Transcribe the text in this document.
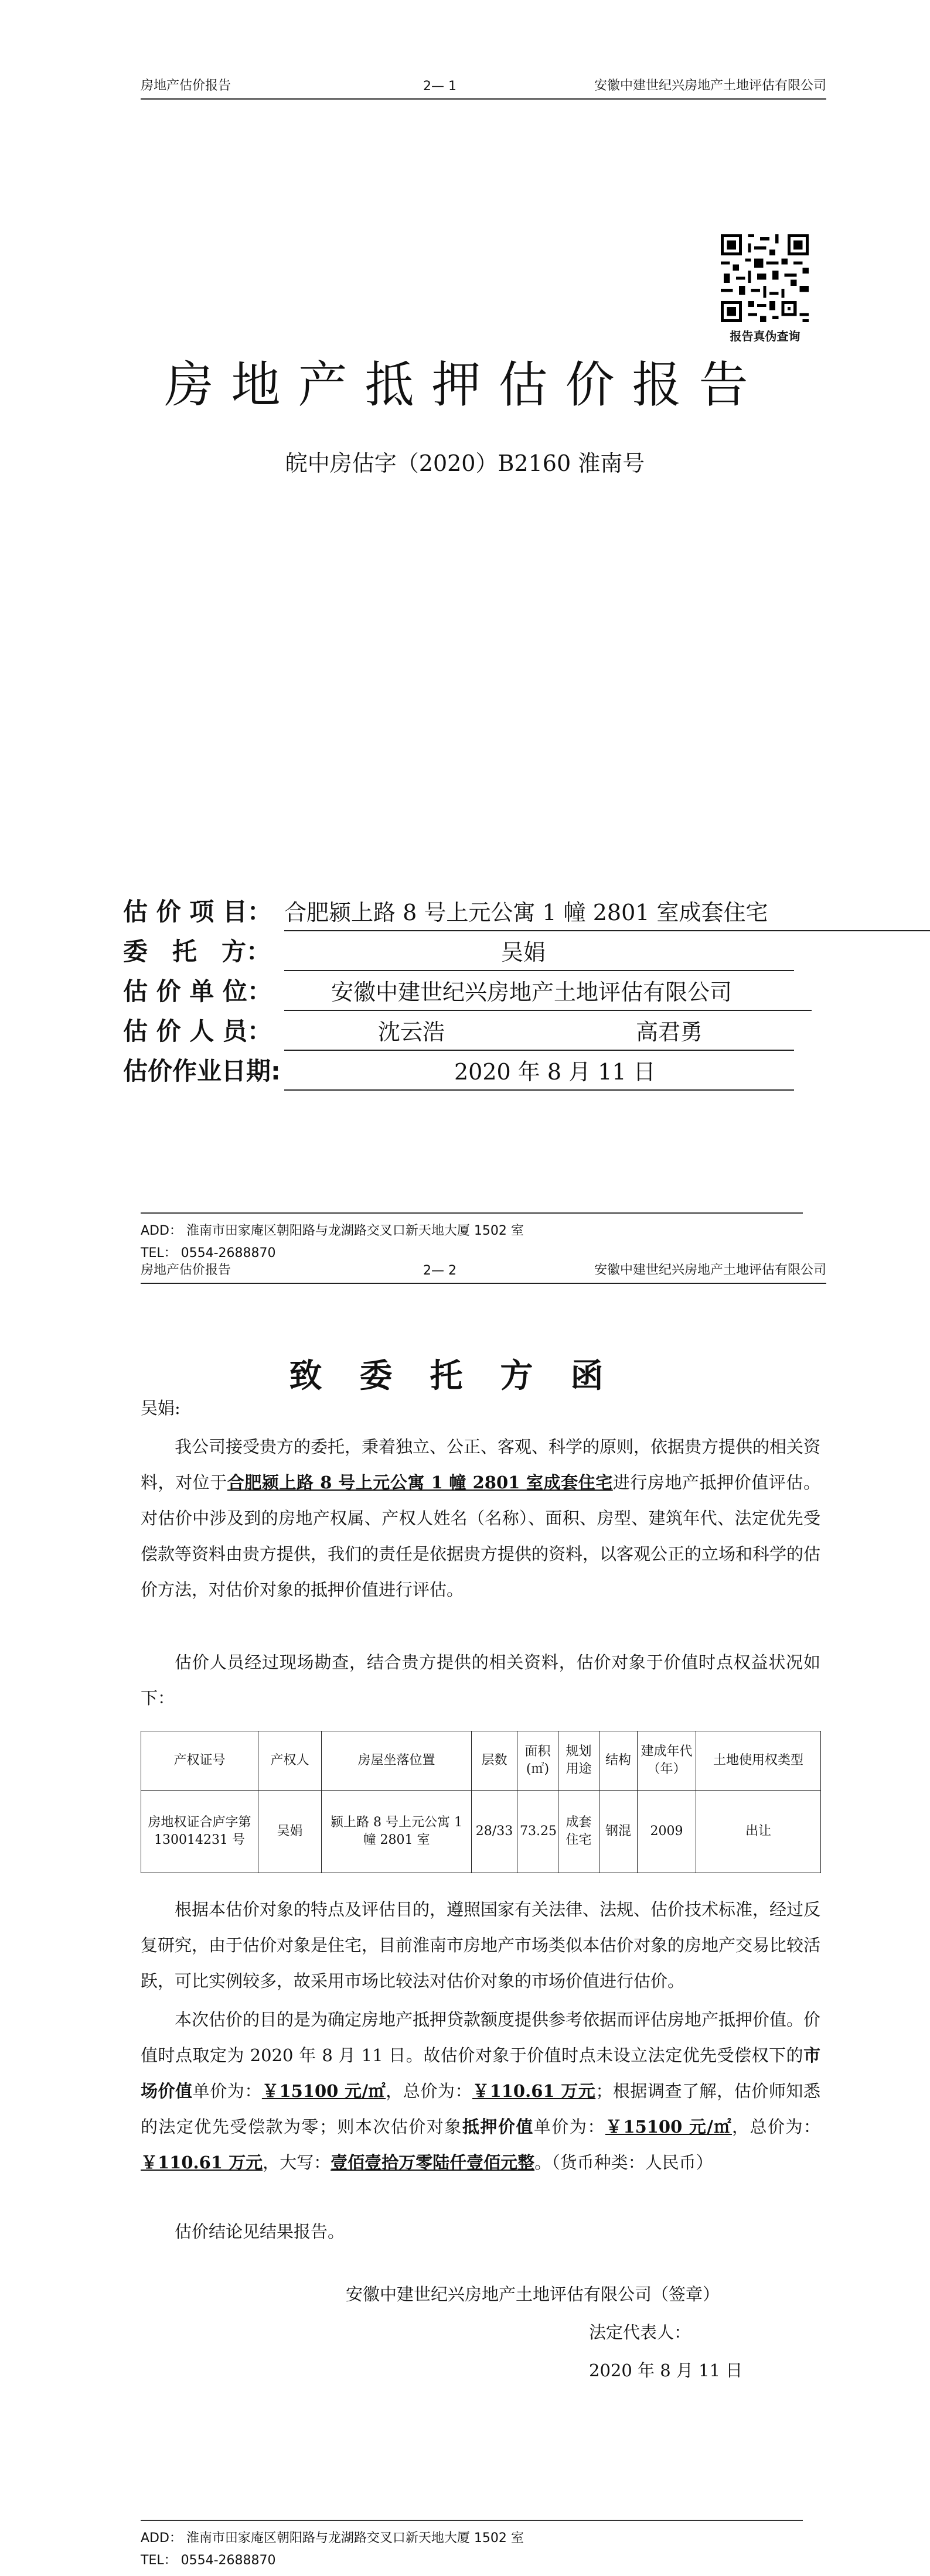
房地产估价报告	2— 1	安徽中建世纪兴房地产土地评估有限公司
报告真伪查询
房地产抵押估价报告
皖中房估字（2020）B2160 淮南号
估 价 项 目： 合肥颍上路 8 号上元公寓 1 幢 2801 室成套住宅
委　托　方：	吴娟
估 价 单 位：	安徽中建世纪兴房地产土地评估有限公司
估 价 人 员：	沈云浩	高君勇
估价作业日期:	2020 年 8 月 11 日
ADD： 淮南市田家庵区朝阳路与龙湖路交叉口新天地大厦 1502 室
TEL： 0554-2688870
房地产估价报告	2— 2	安徽中建世纪兴房地产土地评估有限公司
致委托方函
吴娟:

我公司接受贵方的委托，秉着独立、公正、客观、科学的原则，依据贵方提供的相关资料，对位于合肥颍上路 8 号上元公寓 1 幢 2801 室成套住宅进行房地产抵押价值评估。对估价中涉及到的房地产权属、产权人姓名（名称）、面积、房型、建筑年代、法定优先受偿款等资料由贵方提供，我们的责任是依据贵方提供的资料，以客观公正的立场和科学的估价方法，对估价对象的抵押价值进行评估。

估价人员经过现场勘查，结合贵方提供的相关资料，估价对象于价值时点权益状况如下：

产权证号	产权人	房屋坐落位置	层数	面积(㎡)	规划用途	结构	建成年代（年）	土地使用权类型
房地权证合庐字第 130014231 号	吴娟	颍上路 8 号上元公寓 1 幢 2801 室	28/33	73.25	成套住宅	钢混	2009	出让

根据本估价对象的特点及评估目的，遵照国家有关法律、法规、估价技术标准，经过反复研究，由于估价对象是住宅，目前淮南市房地产市场类似本估价对象的房地产交易比较活跃，可比实例较多，故采用市场比较法对估价对象的市场价值进行估价。

本次估价的目的是为确定房地产抵押贷款额度提供参考依据而评估房地产抵押价值。价值时点取定为 2020 年 8 月 11 日。故估价对象于价值时点未设立法定优先受偿权下的市场价值单价为：￥15100 元/㎡，总价为：￥110.61 万元；根据调查了解，估价师知悉的法定优先受偿款为零；则本次估价对象抵押价值单价为：￥15100 元/㎡，总价为：￥110.61 万元，大写：壹佰壹拾万零陆仟壹佰元整。（货币种类：人民币）

估价结论见结果报告。

安徽中建世纪兴房地产土地评估有限公司（签章）
法定代表人：
2020 年 8 月 11 日
ADD： 淮南市田家庵区朝阳路与龙湖路交叉口新天地大厦 1502 室
TEL： 0554-2688870
